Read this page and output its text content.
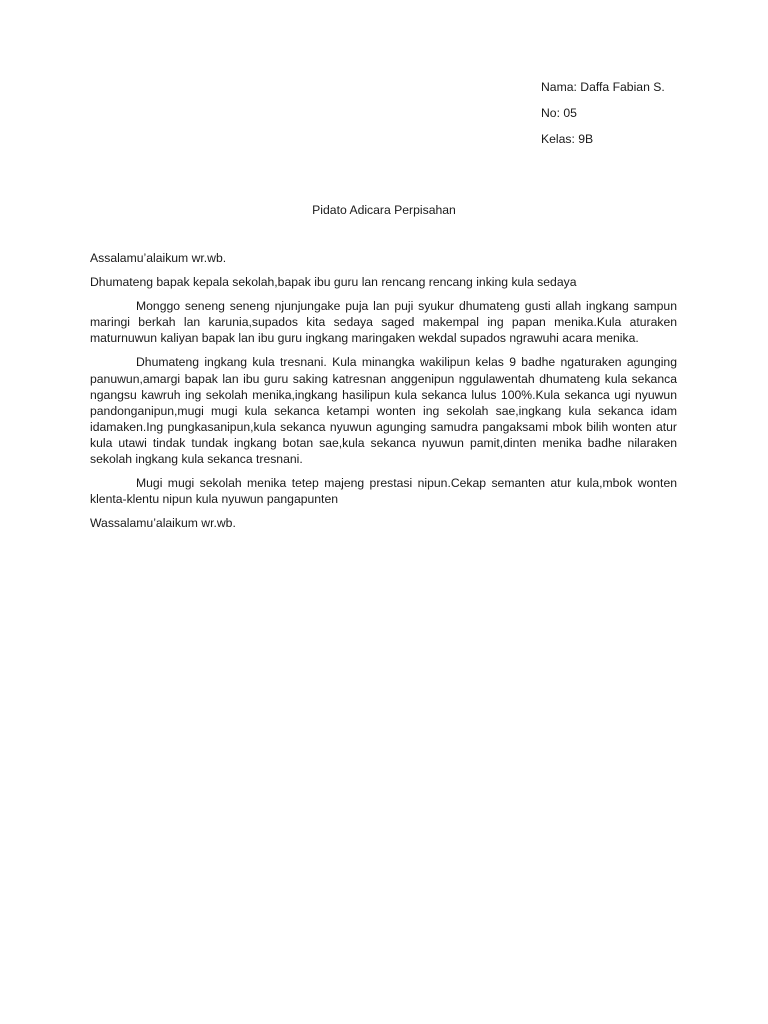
Nama: Daffa Fabian S.
No: 05
Kelas: 9B
Pidato Adicara Perpisahan

Assalamu’alaikum wr.wb.

Dhumateng bapak kepala sekolah,bapak ibu guru lan rencang rencang inking kula sedaya

Monggo seneng seneng njunjungake puja lan puji syukur dhumateng gusti allah ingkang sampun maringi berkah lan karunia,supados kita sedaya saged makempal ing papan menika.Kula aturaken maturnuwun kaliyan bapak lan ibu guru ingkang maringaken wekdal supados ngrawuhi acara menika.

Dhumateng ingkang kula tresnani. Kula minangka wakilipun kelas 9 badhe ngaturaken agunging panuwun,amargi bapak lan ibu guru saking katresnan anggenipun nggulawentah dhumateng kula sekanca ngangsu kawruh ing sekolah menika,ingkang hasilipun kula sekanca lulus 100%.Kula sekanca ugi nyuwun pandonganipun,mugi mugi kula sekanca ketampi wonten ing sekolah sae,ingkang kula sekanca idam idamaken.Ing pungkasanipun,kula sekanca nyuwun agunging samudra pangaksami mbok bilih wonten atur kula utawi tindak tundak ingkang botan sae,kula sekanca nyuwun pamit,dinten menika badhe nilaraken sekolah ingkang kula sekanca tresnani.

Mugi mugi sekolah menika tetep majeng prestasi nipun.Cekap semanten atur kula,mbok wonten klenta-klentu nipun kula nyuwun pangapunten

Wassalamu’alaikum wr.wb.
